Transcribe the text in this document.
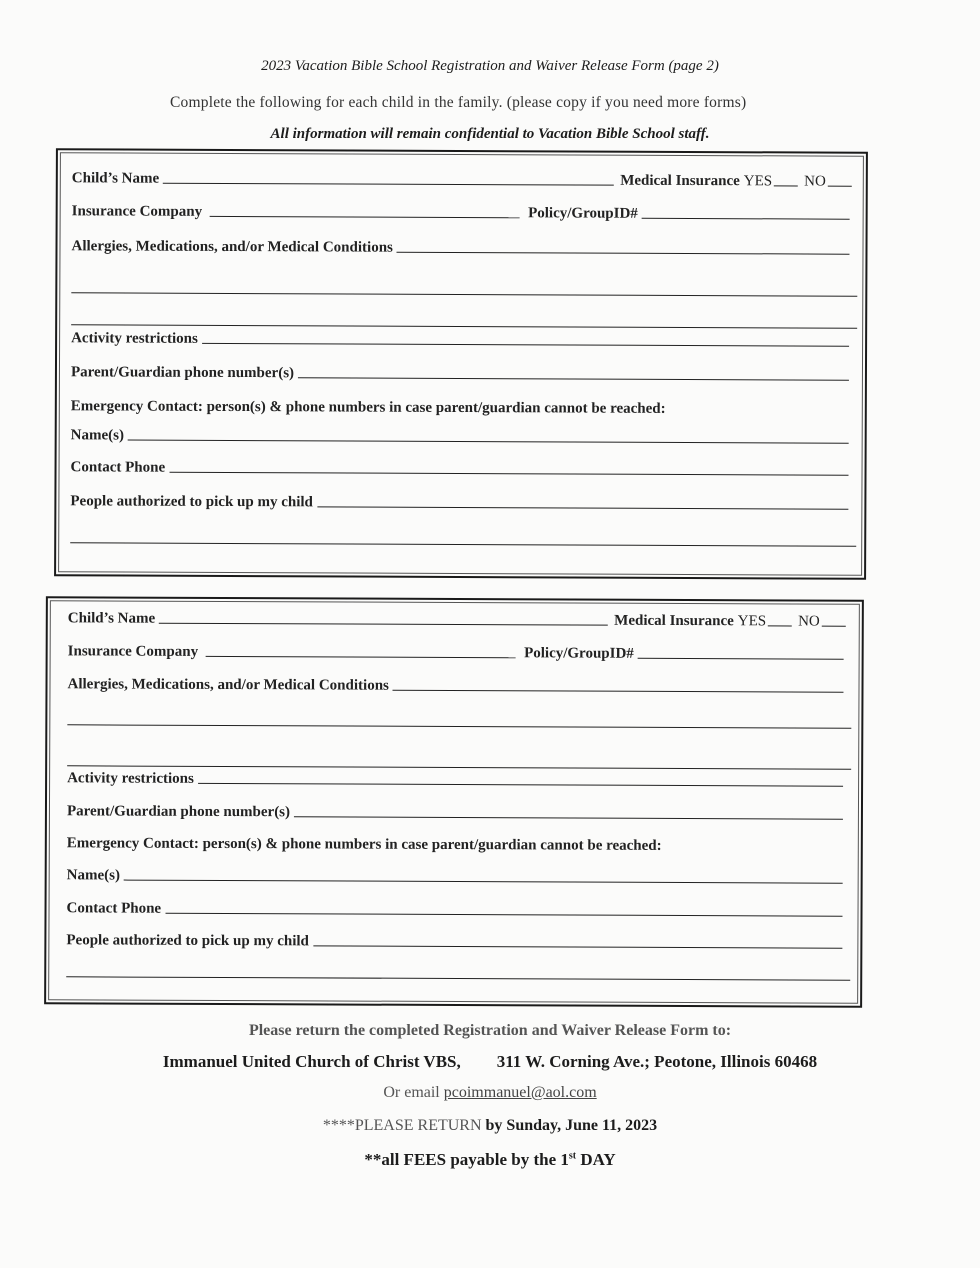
2023 Vacation Bible School Registration and Waiver Release Form (page 2)
Complete the following for each child in the family. (please copy if you need more forms)
All information will remain confidential to Vacation Bible School staff.
Child’s Name	Medical Insurance YES NO
Insurance Company	Policy/GroupID#
Allergies, Medications, and/or Medical Conditions
Activity restrictions
Parent/Guardian phone number(s)
Emergency Contact: person(s) & phone numbers in case parent/guardian cannot be reached:
Name(s)
Contact Phone
People authorized to pick up my child
Child’s Name	Medical Insurance YES NO
Insurance Company	Policy/GroupID#
Allergies, Medications, and/or Medical Conditions
Activity restrictions
Parent/Guardian phone number(s)
Emergency Contact: person(s) & phone numbers in case parent/guardian cannot be reached:
Name(s)
Contact Phone
People authorized to pick up my child
Please return the completed Registration and Waiver Release Form to:
Immanuel United Church of Christ VBS, 311 W. Corning Ave.; Peotone, Illinois 60468
Or email pcoimmanuel@aol.com
****PLEASE RETURN by Sunday, June 11, 2023
**all FEES payable by the 1st DAY
